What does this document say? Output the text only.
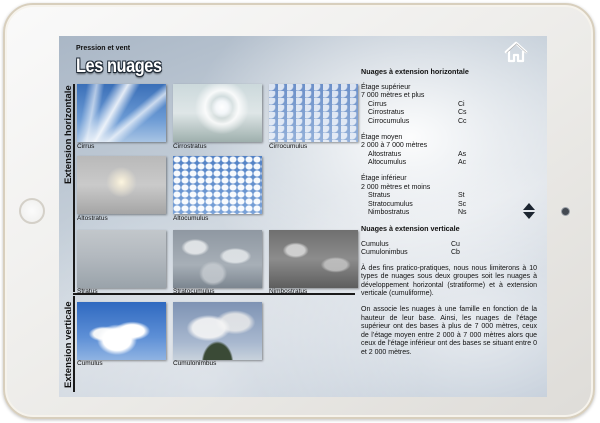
Pression et vent
Les nuages
Extension horizontale
Extension verticale
Cirrus	Cirrostratus	Cirrocumulus
Altostratus	Altocumulus
Stratus	Stratocumulus	Nimbostratus
Cumulus	Cumulonimbus

Nuages à extension horizontale

Étage supérieur
7 000 mètres et plus
Cirrus	Ci
Cirrostratus	Cs
Cirrocumulus	Cc
Étage moyen
2 000 à 7 000 mètres
Altostratus	As
Altocumulus	Ac
Étage inférieur
2 000 mètres et moins
Stratus	St
Stratocumulus	Sc
Nimbostratus	Ns

Nuages à extension verticale

Cumulus	Cu
Cumulonimbus	Cb

À des fins pratico-pratiques, nous nous limiterons à 10 types de nuages sous deux groupes soit les nuages à développement horizontal (stratiforme) et à extension verticale (cumuliforme).

On associe les nuages à une famille en fonction de la hauteur de leur base. Ainsi, les nuages de l’étage supérieur ont des bases à plus de 7 000 mètres, ceux de l’étage moyen entre 2 000 à 7 000 mètres alors que ceux de l’étage inférieur ont des bases se situant entre 0 et 2 000 mètres.
